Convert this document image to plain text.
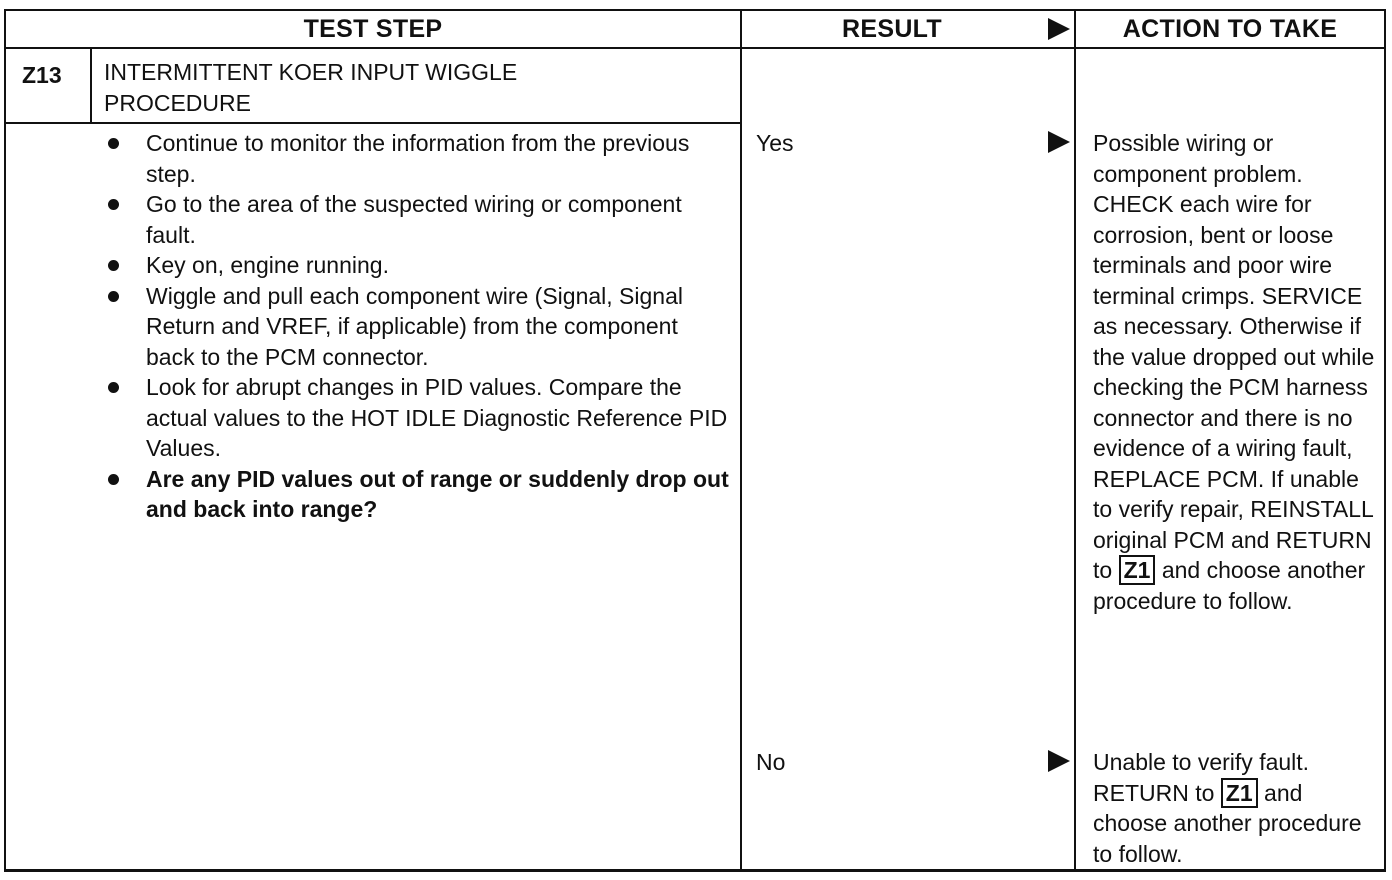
TEST STEP	RESULT	ACTION TO TAKE
Z13 INTERMITTENT KOER INPUT WIGGLE PROCEDURE
Continue to monitor the information from the previous step.
Go to the area of the suspected wiring or component fault.
Key on, engine running.
Wiggle and pull each component wire (Signal, Signal Return and VREF, if applicable) from the component back to the PCM connector.
Look for abrupt changes in PID values. Compare the actual values to the HOT IDLE Diagnostic Reference PID Values.
Are any PID values out of range or suddenly drop out and back into range?
Yes	Possible wiring or component problem. CHECK each wire for corrosion, bent or loose terminals and poor wire terminal crimps. SERVICE as necessary. Otherwise if the value dropped out while checking the PCM harness connector and there is no evidence of a wiring fault, REPLACE PCM. If unable to verify repair, REINSTALL original PCM and RETURN to Z1 and choose another procedure to follow.
No	Unable to verify fault. RETURN to Z1 and choose another procedure to follow.
